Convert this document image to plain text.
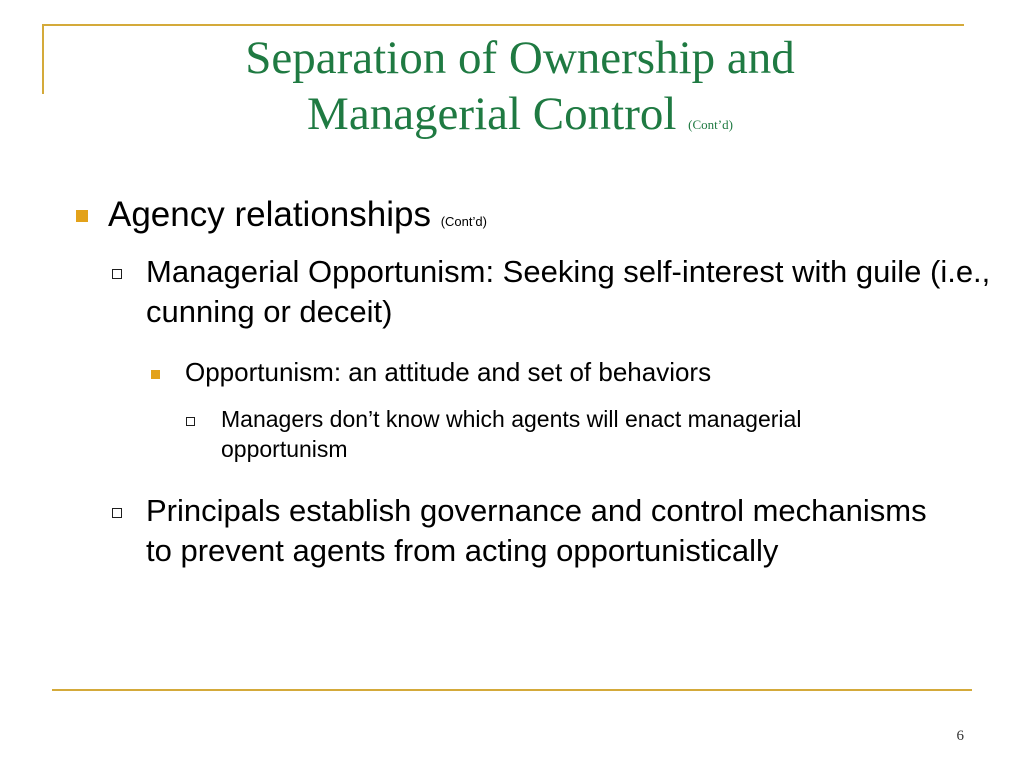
Separation of Ownership and
Managerial Control (Cont’d)
Agency relationships (Cont’d)
Managerial Opportunism: Seeking self-interest with guile (i.e., cunning or deceit)
Opportunism: an attitude and set of behaviors
Managers don’t know which agents will enact managerial opportunism
Principals establish governance and control mechanisms to prevent agents from acting opportunistically
6
